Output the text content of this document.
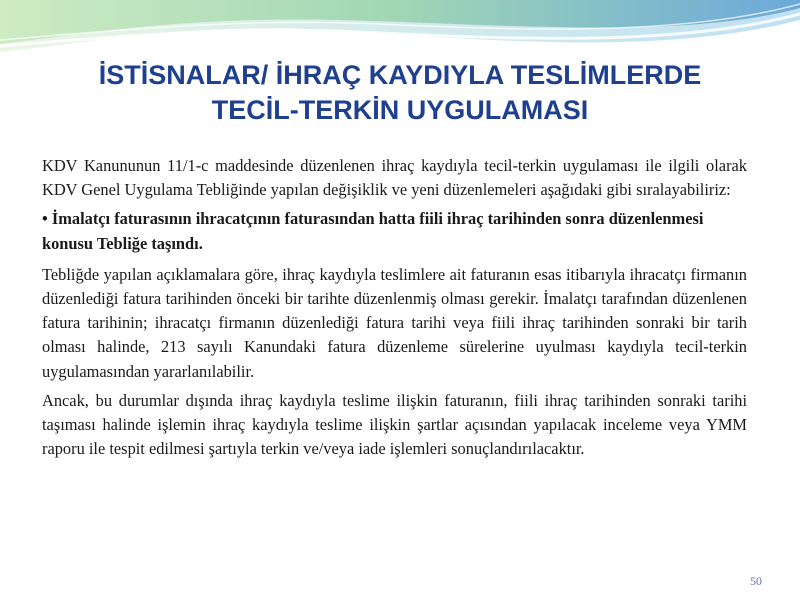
İSTİSNALAR/ İHRAÇ KAYDIYLA TESLİMLERDE
TECİL-TERKİN UYGULAMASI

KDV Kanununun 11/1-c maddesinde düzenlenen ihraç kaydıyla tecil-terkin uygulaması ile ilgili olarak KDV Genel Uygulama Tebliğinde yapılan değişiklik ve yeni düzenlemeleri aşağıdaki gibi sıralayabiliriz:

• İmalatçı faturasının ihracatçının faturasından hatta fiili ihraç tarihinden sonra düzenlenmesi konusu Tebliğe taşındı.

Tebliğde yapılan açıklamalara göre, ihraç kaydıyla teslimlere ait faturanın esas itibarıyla ihracatçı firmanın düzenlediği fatura tarihinden önceki bir tarihte düzenlenmiş olması gerekir. İmalatçı tarafından düzenlenen fatura tarihinin; ihracatçı firmanın düzenlediği fatura tarihi veya fiili ihraç tarihinden sonraki bir tarih olması halinde, 213 sayılı Kanundaki fatura düzenleme sürelerine uyulması kaydıyla tecil-terkin uygulamasından yararlanılabilir.

Ancak, bu durumlar dışında ihraç kaydıyla teslime ilişkin faturanın, fiili ihraç tarihinden sonraki tarihi taşıması halinde işlemin ihraç kaydıyla teslime ilişkin şartlar açısından yapılacak inceleme veya YMM raporu ile tespit edilmesi şartıyla terkin ve/veya iade işlemleri sonuçlandırılacaktır.

50
